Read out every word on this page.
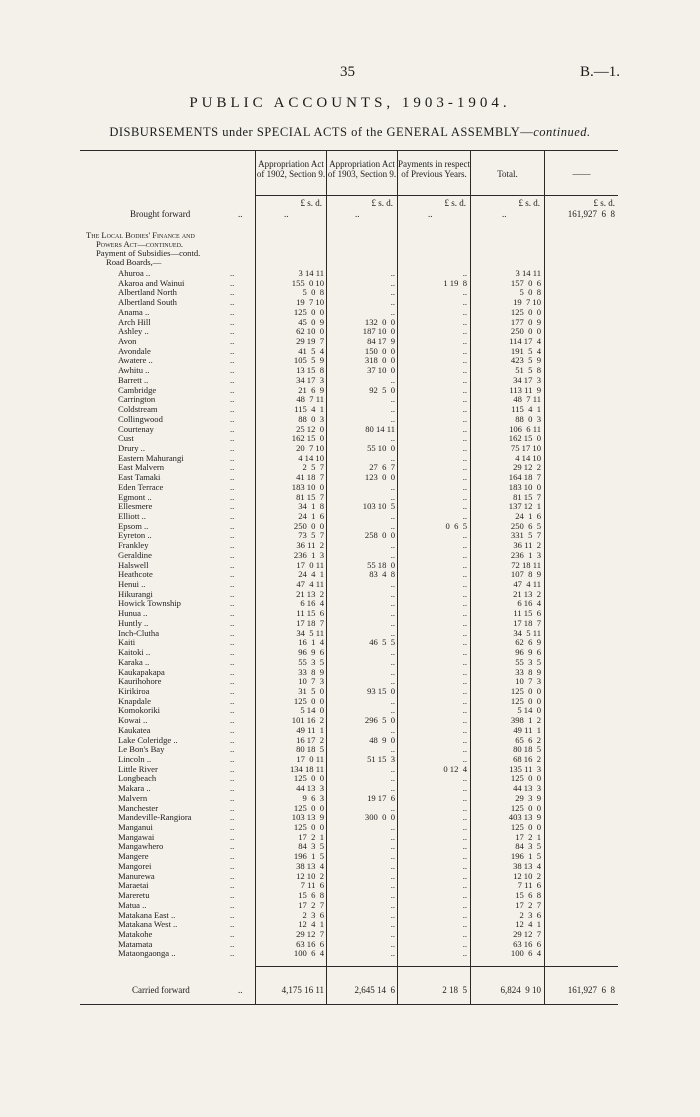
35	B.—1.
PUBLIC ACCOUNTS, 1903-1904.
DISBURSEMENTS under SPECIAL ACTS of the GENERAL ASSEMBLY—continued.
Appropriation Act of 1902, Section 9.
Appropriation Act of 1903, Section 9.
Payments in respect of Previous Years.	Total.	——
£ s. d.	£ s. d.	£ s. d.	£ s. d.	£ s. d.
Brought forward	..	..	..	..	..	161,927  6  8
The Local Bodies' Finance and
Powers Act—continued.
Payment of Subsidies—contd.
Road Boards,—
Ahuroa ..	3 14 11	..	..	3 14 11
..
Akaroa and Wainui	155  0 10	..	1 19  8	157  0  6
..
Albertland North	5  0  8	..	..	5  0  8
..
Albertland South	19  7 10	..	..	19  7 10
..
Anama ..	125  0  0	..	..	125  0  0
..
Arch Hill	45  0  9	132  0  0	..	177  0  9
..
Ashley ..	62 10  0	187 10  0	..	250  0  0
..
Avon	29 19  7	84 17  9	..	114 17  4
..
Avondale	41  5  4	150  0  0	..	191  5  4
..
Awatere ..	105  5  9	318  0  0	..	423  5  9
..
Awhitu ..	13 15  8	37 10  0	..	51  5  8
..
Barrett ..	34 17  3	..	..	34 17  3
..
Cambridge	21  6  9	92  5  0	..	113 11  9
..
Carrington	48  7 11	..	..	48  7 11
..
Coldstream	115  4  1	..	..	115  4  1
..
Collingwood	88  0  3	..	..	88  0  3
..
Courtenay	25 12  0	80 14 11	..	106  6 11
..
Cust	162 15  0	..	..	162 15  0
..
Drury ..	20  7 10	55 10  0	..	75 17 10
..
Eastern Mahurangi	4 14 10	..	..	4 14 10
..
East Malvern	2  5  7	27  6  7	..	29 12  2
..
East Tamaki	41 18  7	123  0  0	..	164 18  7
..
Eden Terrace	183 10  0	..	..	183 10  0
..
Egmont ..	81 15  7	..	..	81 15  7
..
Ellesmere	34  1  8	103 10  5	..	137 12  1
..
Elliott ..	24  1  6	..	..	24  1  6
..
Epsom ..	250  0  0	..	0  6  5	250  6  5
..
Eyreton ..	73  5  7	258  0  0	..	331  5  7
..
Frankley	36 11  2	..	..	36 11  2
..
Geraldine	236  1  3	..	..	236  1  3
..
Halswell	17  0 11	55 18  0	..	72 18 11
..
Heathcote	24  4  1	83  4  8	..	107  8  9
..
Henui ..	47  4 11	..	..	47  4 11
..
Hikurangi	21 13  2	..	..	21 13  2
..
Howick Township	6 16  4	..	..	6 16  4
..
Hunua ..	11 15  6	..	..	11 15  6
..
Huntly ..	17 18  7	..	..	17 18  7
..
Inch-Clutha	34  5 11	..	..	34  5 11
..
Kaiti	16  1  4	46  5  5	..	62  6  9
..
Kaitoki ..	96  9  6	..	..	96  9  6
..
Karaka ..	55  3  5	..	..	55  3  5
..
Kaukapakapa	33  8  9	..	..	33  8  9
..
Kaurihohore	10  7  3	..	..	10  7  3
..
Kirikiroa	31  5  0	93 15  0	..	125  0  0
..
Knapdale	125  0  0	..	..	125  0  0
..
Komokoriki	5 14  0	..	..	5 14  0
..
Kowai ..	101 16  2	296  5  0	..	398  1  2
..
Kaukatea	49 11  1	..	..	49 11  1
..
Lake Coleridge ..	16 17  2	48  9  0	..	65  6  2
..
Le Bon's Bay	80 18  5	..	..	80 18  5
..
Lincoln ..	17  0 11	51 15  3	..	68 16  2
..
Little River	134 18 11	..	0 12  4	135 11  3
..
Longbeach	125  0  0	..	..	125  0  0
..
Makara ..	44 13  3	..	..	44 13  3
..
Malvern	9  6  3	19 17  6	..	29  3  9
..
Manchester	125  0  0	..	..	125  0  0
..
Mandeville-Rangiora	103 13  9	300  0  0	..	403 13  9
..
Manganui	125  0  0	..	..	125  0  0
..
Mangawai	17  2  1	..	..	17  2  1
..
Mangawhero	84  3  5	..	..	84  3  5
..
Mangere	196  1  5	..	..	196  1  5
..
Mangorei	38 13  4	..	..	38 13  4
..
Manurewa	12 10  2	..	..	12 10  2
..
Maraetai	7 11  6	..	..	7 11  6
..
Mareretu	15  6  8	..	..	15  6  8
..
Matua ..	17  2  7	..	..	17  2  7
..
Matakana East ..	2  3  6	..	..	2  3  6
..
Matakana West ..	12  4  1	..	..	12  4  1
..
Matakohe	29 12  7	..	..	29 12  7
..
Matamata	63 16  6	..	..	63 16  6
..
Mataongaonga ..	100  6  4	..	..	100  6  4
..
Carried forward	..	4,175 16 11	2,645 14  6	2 18  5	6,824  9 10	161,927  6  8
